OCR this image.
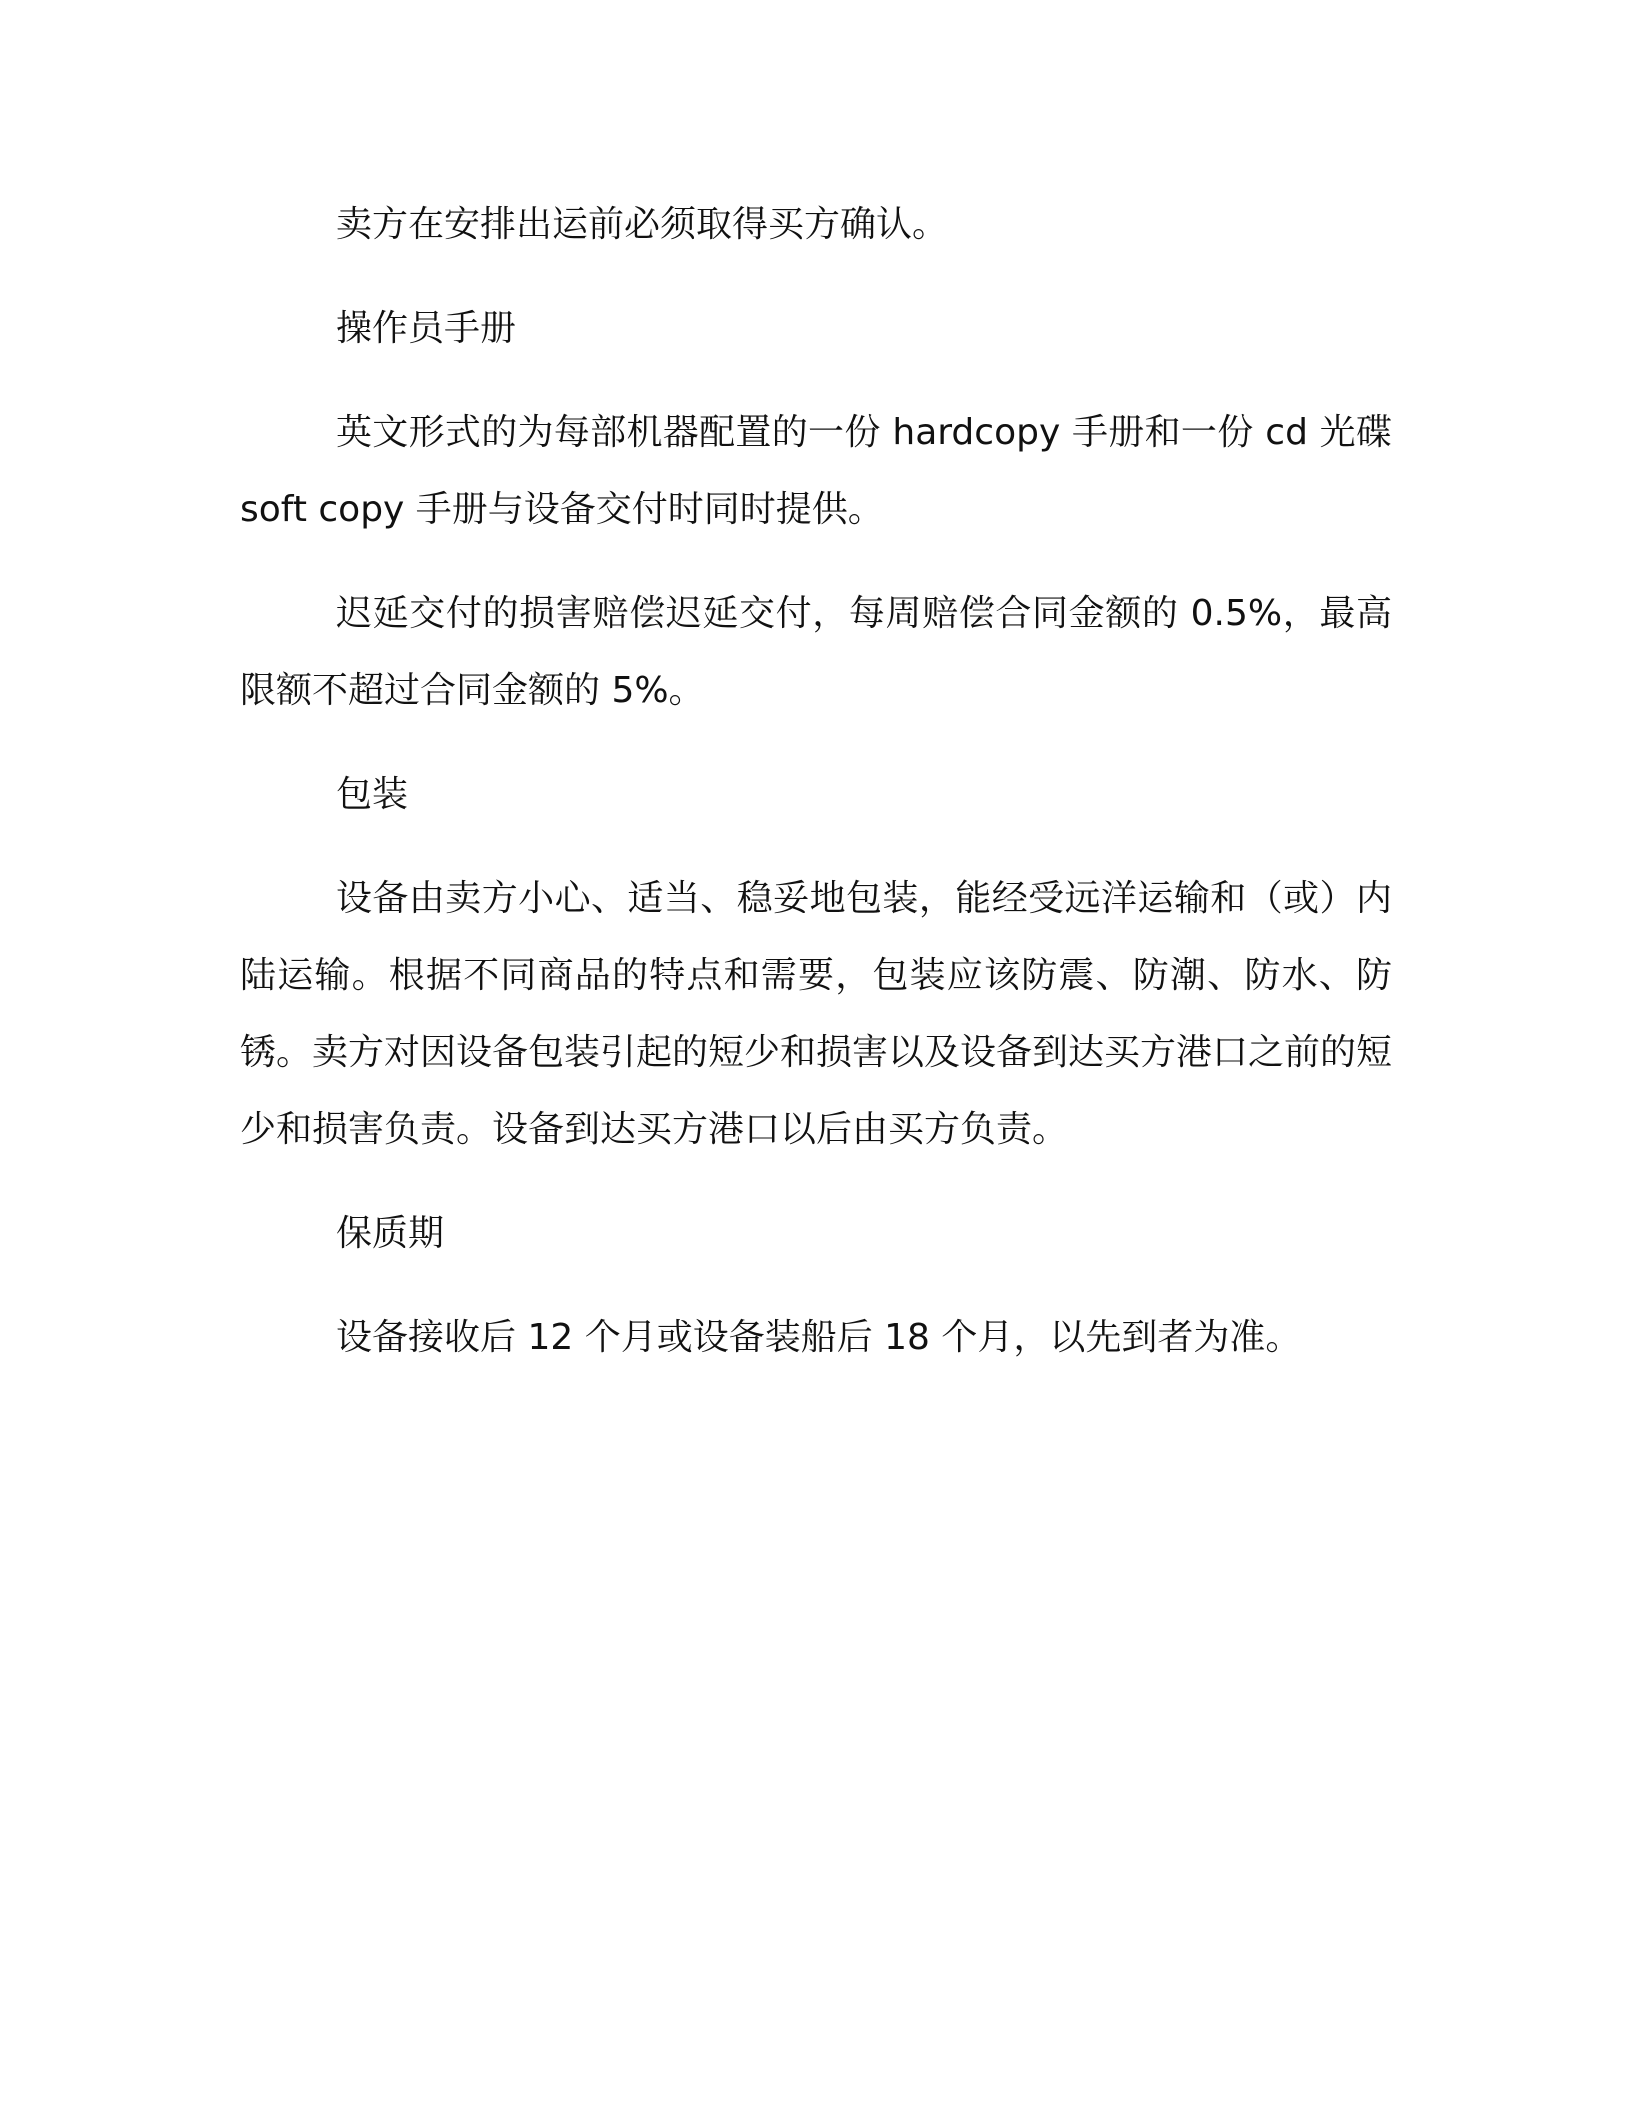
卖方在安排出运前必须取得买方确认。

操作员手册

英文形式的为每部机器配置的一份 hardcopy 手册和一份 cd 光碟 soft copy 手册与设备交付时同时提供。

迟延交付的损害赔偿迟延交付，每周赔偿合同金额的 0.5%，最高限额不超过合同金额的 5%。

包装

设备由卖方小心、适当、稳妥地包装，能经受远洋运输和（或）内陆运输。根据不同商品的特点和需要，包装应该防震、防潮、防水、防锈。卖方对因设备包装引起的短少和损害以及设备到达买方港口之前的短少和损害负责。设备到达买方港口以后由买方负责。

保质期

设备接收后 12 个月或设备装船后 18 个月，以先到者为准。
